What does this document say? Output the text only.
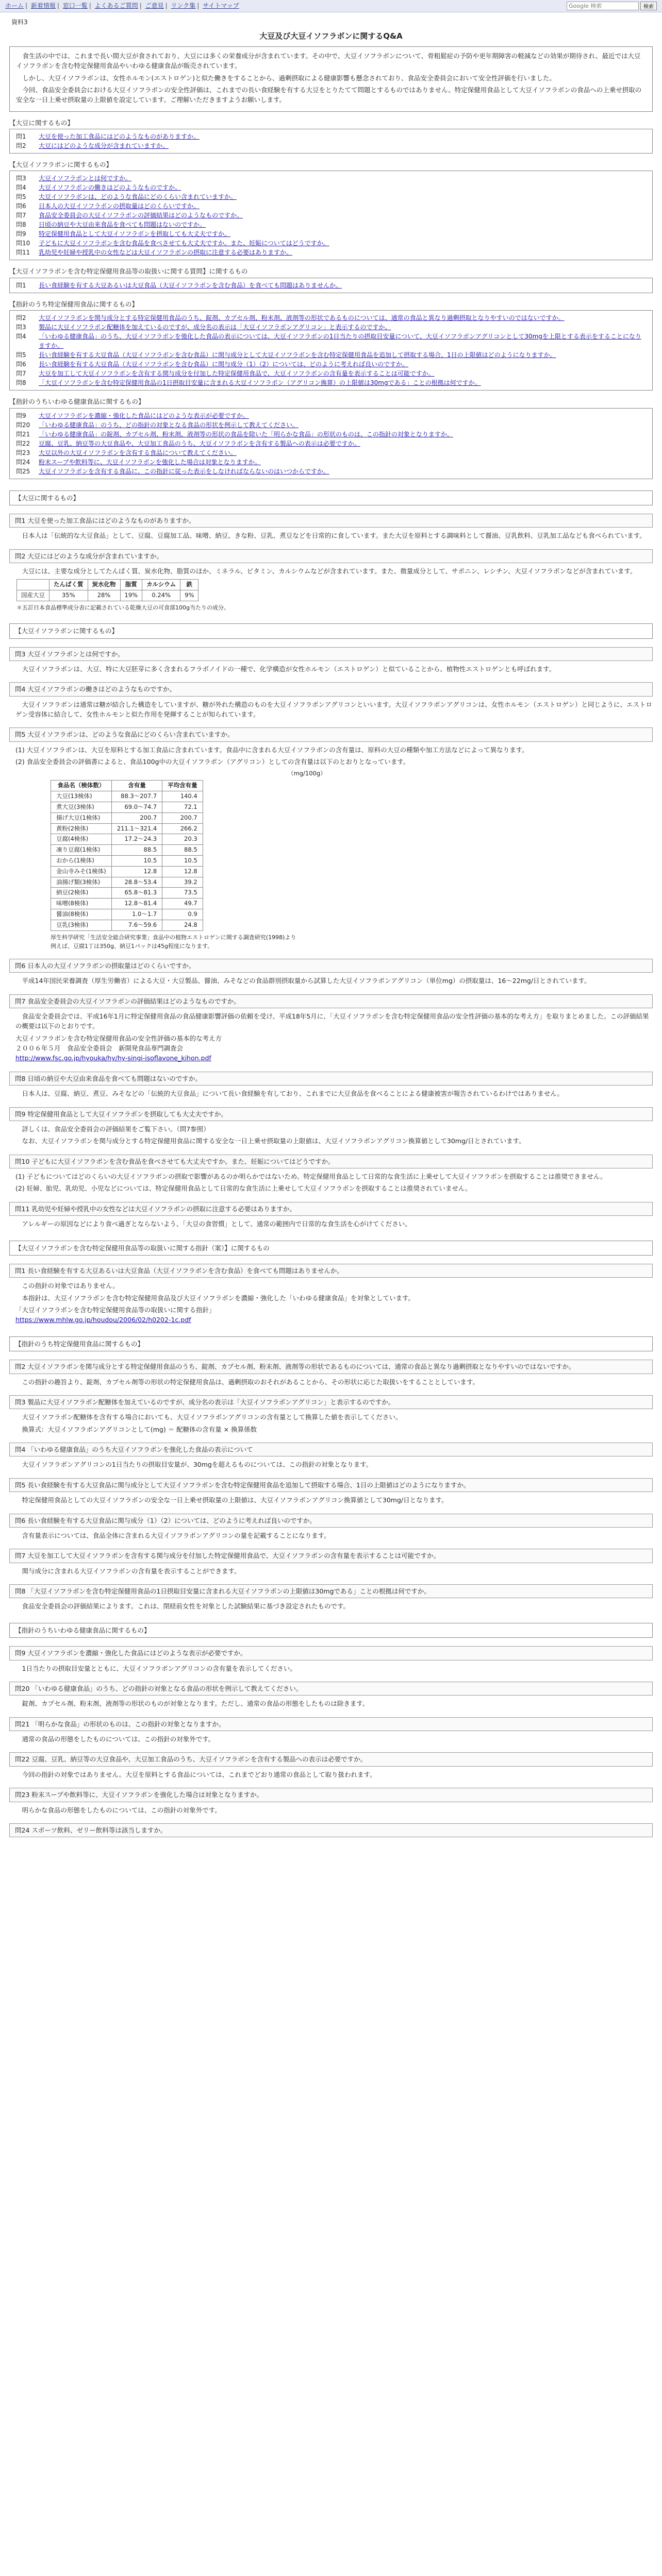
ホーム | 新着情報 | 窓口一覧 | よくあるご質問 | ご意見 | リンク集 | サイトマップ
Google 検索	検索
資料3
大豆及び大豆イソフラボンに関するQ&A

食生活の中では、これまで長い間大豆が食されており、大豆には多くの栄養成分が含まれています。その中で、大豆イソフラボンについて、骨粗鬆症の予防や更年期障害の軽減などの効果が期待され、最近では大豆イソフラボンを含む特定保健用食品やいわゆる健康食品が販売されています。

しかし、大豆イソフラボンは、女性ホルモン(エストロゲン)と似た働きをすることから、過剰摂取による健康影響も懸念されており、食品安全委員会において安全性評価を行いました。

今回、食品安全委員会における大豆イソフラボンの安全性評価は、これまでの長い食経験を有する大豆をとりたてて問題とするものではありません。特定保健用食品として大豆イソフラボンの食品への上乗せ摂取の安全な一日上乗せ摂取量の上限値を設定しています。ご理解いただきますようお願いします。

【大豆に関するもの】
問1	大豆を使った加工食品にはどのようなものがありますか。
問2	大豆にはどのような成分が含まれていますか。
【大豆イソフラボンに関するもの】
問3	大豆イソフラボンとは何ですか。
問4	大豆イソフラボンの働きはどのようなものですか。
問5	大豆イソフラボンは、どのような食品にどのくらい含まれていますか。
問6	日本人の大豆イソフラボンの摂取量はどのくらいですか。
問7	食品安全委員会の大豆イソフラボンの評価結果はどのようなものですか。
問8	日頃の納豆や大豆由来食品を食べても問題はないのですか。
問9	特定保健用食品として大豆イソフラボンを摂取しても大丈夫ですか。
問10	子どもに大豆イソフラボンを含む食品を食べさせても大丈夫ですか。また、妊娠についてはどうですか。
問11	乳幼児や妊婦や授乳中の女性などは大豆イソフラボンの摂取に注意する必要はありますか。
【大豆イソフラボンを含む特定保健用食品等の取扱いに関する質問】に関するもの
問1	長い食経験を有する大豆あるいは大豆食品（大豆イソフラボンを含む食品）を食べても問題はありませんか。
【指針のうち特定保健用食品に関するもの】
問2	大豆イソフラボンを関与成分とする特定保健用食品のうち、錠剤、カプセル剤、粉末剤、液剤等の形状であるものについては、通常の食品と異なり過剰摂取となりやすいのではないですか。
問3	製品に大豆イソフラボン配糖体を加えているのですが、成分名の表示は「大豆イソフラボンアグリコン」と表示するのですか。
問4	「いわゆる健康食品」のうち、大豆イソフラボンを強化した食品の表示については、大豆イソフラボンの1日当たりの摂取目安量について、大豆イソフラボンアグリコンとして30mgを上限とする表示をすることになりますか。
問5	長い食経験を有する大豆食品（大豆イソフラボンを含む食品）に関与成分として大豆イソフラボンを含む特定保健用食品を追加して摂取する場合、1日の上限値はどのようになりますか。
問6	長い食経験を有する大豆食品（大豆イソフラボンを含む食品）に関与成分（1）（2）については、どのように考えれば良いのですか。
問7	大豆を加工して大豆イソフラボンを含有する関与成分を付加した特定保健用食品で、大豆イソフラボンの含有量を表示することは可能ですか。
問8	「大豆イソフラボンを含む特定保健用食品の1日摂取目安量に含まれる大豆イソフラボン（アグリコン換算）の上限値は30mgである」ことの根拠は何ですか。
【指針のうちいわゆる健康食品に関するもの】
問9	大豆イソフラボンを濃縮・強化した食品にはどのような表示が必要ですか。
問20	「いわゆる健康食品」のうち、どの指針の対象となる食品の形状を例示して教えてください。
問21	「いわゆる健康食品」の錠剤、カプセル剤、粉末剤、液剤等の形状の食品を除いた「明らかな食品」の形状のものは、この指針の対象となりますか。
問22	豆腐、豆乳、納豆等の大豆食品や、大豆加工食品のうち、大豆イソフラボンを含有する製品への表示は必要ですか。
問23	大豆以外の大豆イソフラボンを含有する食品について教えてください。
問24	粉末スープや飲料等に、大豆イソフラボンを強化した場合は対象となりますか。
問25	大豆イソフラボンを含有する食品に、この指針に従った表示をしなければならないのはいつからですか。
【大豆に関するもの】
問1 大豆を使った加工食品にはどのようなものがありますか。

日本人は「伝統的な大豆食品」として、豆腐、豆腐加工品、味噌、納豆、きな粉、豆乳、煮豆などを日常的に食しています。また大豆を原料とする調味料として醤油、豆乳飲料、豆乳加工品なども食べられています。

問2 大豆にはどのような成分が含まれていますか。

大豆には、主要な成分としてたんぱく質、炭水化物、脂質のほか、ミネラル、ビタミン、カルシウムなどが含まれています。また、微量成分として、サポニン、レシチン、大豆イソフラボンなどが含まれています。

	たんぱく質	炭水化物	脂質	カルシウム	鉄
国産大豆	35%	28%	19%	0.24%	9%
＊五訂日本食品標準成分表に記載されている乾燥大豆の可食部100g当たりの成分。
【大豆イソフラボンに関するもの】
問3 大豆イソフラボンとは何ですか。

大豆イソフラボンは、大豆、特に大豆胚芽に多く含まれるフラボノイドの一種で、化学構造が女性ホルモン（エストロゲン）と似ていることから、植物性エストロゲンとも呼ばれます。

問4 大豆イソフラボンの働きはどのようなものですか。

大豆イソフラボンは通常は糖が結合した構造をしていますが、糖が外れた構造のものを大豆イソフラボンアグリコンといいます。大豆イソフラボンアグリコンは、女性ホルモン（エストロゲン）と同じように、エストロゲン受容体に結合して、女性ホルモンと似た作用を発揮することが知られています。

問5 大豆イソフラボンは、どのような食品にどのくらい含まれていますか。

(1) 大豆イソフラボンは、大豆を原料とする加工食品に含まれています。食品中に含まれる大豆イソフラボンの含有量は、原料の大豆の種類や加工方法などによって異なります。

(2) 食品安全委員会の評価書によると、食品100g中の大豆イソフラボン（アグリコン）としての含有量は以下のとおりとなっています。

（mg/100g）
食品名（検体数）	含有量	平均含有量
大豆(13検体)	88.3～207.7	140.4
煮大豆(3検体)	69.0～74.7	72.1
揚げ大豆(1検体)	200.7	200.7
黄粉(2検体)	211.1～321.4	266.2
豆腐(4検体)	17.2～24.3	20.3
凍り豆腐(1検体)	88.5	88.5
おから(1検体)	10.5	10.5
金山寺みそ(1検体)	12.8	12.8
油揚げ類(3検体)	28.8～53.4	39.2
納豆(2検体)	65.8～81.3	73.5
味噌(8検体)	12.8～81.4	49.7
醤油(8検体)	1.0～1.7	0.9
豆乳(3検体)	7.6～59.6	24.8
厚生科学研究「生活安全総合研究事業」食品中の植物エストロゲンに関する調査研究(1998)より
例えば、豆腐1丁は350g、納豆1パックは45g程度になります。
問6 日本人の大豆イソフラボンの摂取量はどのくらいですか。

平成14年国民栄養調査（厚生労働省）による大豆・大豆製品、醤油、みそなどの食品群別摂取量から試算した大豆イソフラボンアグリコン（単位mg）の摂取量は、16～22mg/日とされています。

問7 食品安全委員会の大豆イソフラボンの評価結果はどのようなものですか。

食品安全委員会では、平成16年1月に特定保健用食品の食品健康影響評価の依頼を受け、平成18年5月に、「大豆イソフラボンを含む特定保健用食品の安全性評価の基本的な考え方」を取りまとめました。この評価結果の概要は以下のとおりです。

大豆イソフラボンを含む特定保健用食品の安全性評価の基本的な考え方
２００６年５月　食品安全委員会　新開発食品専門調査会
http://www.fsc.go.jp/hyouka/hy/hy-singi-isoflavone_kihon.pdf
問8 日頃の納豆や大豆由来食品を食べても問題はないのですか。

日本人は、豆腐、納豆、煮豆、みそなどの「伝統的大豆食品」について長い食経験を有しており、これまでに大豆食品を食べることによる健康被害が報告されているわけではありません。

問9 特定保健用食品として大豆イソフラボンを摂取しても大丈夫ですか。

詳しくは、食品安全委員会の評価結果をご覧下さい。（問7参照）

なお、大豆イソフラボンを関与成分とする特定保健用食品に関する安全な一日上乗せ摂取量の上限値は、大豆イソフラボンアグリコン換算値として30mg/日とされています。

問10 子どもに大豆イソフラボンを含む食品を食べさせても大丈夫ですか。また、妊娠についてはどうですか。

(1) 子どもについてはどのくらいの大豆イソフラボンの摂取で影響があるのか明らかではないため、特定保健用食品として日常的な食生活に上乗せして大豆イソフラボンを摂取することは推奨できません。

(2) 妊婦、胎児、乳幼児、小児などについては、特定保健用食品として日常的な食生活に上乗せして大豆イソフラボンを摂取することは推奨されていません。

問11 乳幼児や妊婦や授乳中の女性などは大豆イソフラボンの摂取に注意する必要はありますか。

アレルギーの原因などにより食べ過ぎとならないよう、「大豆の食習慣」として、通常の範囲内で日常的な食生活を心がけてください。

【大豆イソフラボンを含む特定保健用食品等の取扱いに関する指針（案）】に関するもの
問1 長い食経験を有する大豆あるいは大豆食品（大豆イソフラボンを含む食品）を食べても問題はありませんか。

この指針の対象ではありません。

本指針は、大豆イソフラボンを含む特定保健用食品及び大豆イソフラボンを濃縮・強化した「いわゆる健康食品」を対象としています。

「大豆イソフラボンを含む特定保健用食品等の取扱いに関する指針」
https://www.mhlw.go.jp/houdou/2006/02/h0202-1c.pdf
【指針のうち特定保健用食品に関するもの】
問2 大豆イソフラボンを関与成分とする特定保健用食品のうち、錠剤、カプセル剤、粉末剤、液剤等の形状であるものについては、通常の食品と異なり過剰摂取となりやすいのではないですか。

この指針の趣旨より、錠剤、カプセル剤等の形状の特定保健用食品は、過剰摂取のおそれがあることから、その形状に応じた取扱いをすることとしています。

問3 製品に大豆イソフラボン配糖体を加えているのですが、成分名の表示は「大豆イソフラボンアグリコン」と表示するのですか。

大豆イソフラボン配糖体を含有する場合においても、大豆イソフラボンアグリコンの含有量として換算した値を表示してください。

換算式：大豆イソフラボンアグリコンとして(mg) ＝ 配糖体の含有量 × 換算係数

問4 「いわゆる健康食品」のうち大豆イソフラボンを強化した食品の表示について

大豆イソフラボンアグリコンの1日当たりの摂取目安量が、30mgを超えるものについては、この指針の対象となります。

問5 長い食経験を有する大豆食品に関与成分として大豆イソフラボンを含む特定保健用食品を追加して摂取する場合、1日の上限値はどのようになりますか。

特定保健用食品としての大豆イソフラボンの安全な一日上乗せ摂取量の上限値は、大豆イソフラボンアグリコン換算値として30mg/日となります。

問6 長い食経験を有する大豆食品に関与成分（1）（2）については、どのように考えれば良いのですか。

含有量表示については、食品全体に含まれる大豆イソフラボンアグリコンの量を記載することになります。

問7 大豆を加工して大豆イソフラボンを含有する関与成分を付加した特定保健用食品で、大豆イソフラボンの含有量を表示することは可能ですか。

関与成分に含まれる大豆イソフラボンの含有量を表示することができます。

問8 「大豆イソフラボンを含む特定保健用食品の1日摂取目安量に含まれる大豆イソフラボンの上限値は30mgである」ことの根拠は何ですか。

食品安全委員会の評価結果によります。これは、閉経前女性を対象とした試験結果に基づき設定されたものです。

【指針のうちいわゆる健康食品に関するもの】
問9 大豆イソフラボンを濃縮・強化した食品にはどのような表示が必要ですか。

1日当たりの摂取目安量とともに、大豆イソフラボンアグリコンの含有量を表示してください。

問20 「いわゆる健康食品」のうち、どの指針の対象となる食品の形状を例示して教えてください。

錠剤、カプセル剤、粉末剤、液剤等の形状のものが対象となります。ただし、通常の食品の形態をしたものは除きます。

問21 「明らかな食品」の形状のものは、この指針の対象となりますか。

通常の食品の形態をしたものについては、この指針の対象外です。

問22 豆腐、豆乳、納豆等の大豆食品や、大豆加工食品のうち、大豆イソフラボンを含有する製品への表示は必要ですか。

今回の指針の対象ではありません。大豆を原料とする食品については、これまでどおり通常の食品として取り扱われます。

問23 粉末スープや飲料等に、大豆イソフラボンを強化した場合は対象となりますか。

明らかな食品の形態をしたものについては、この指針の対象外です。

問24 スポーツ飲料、ゼリー飲料等は該当しますか。
